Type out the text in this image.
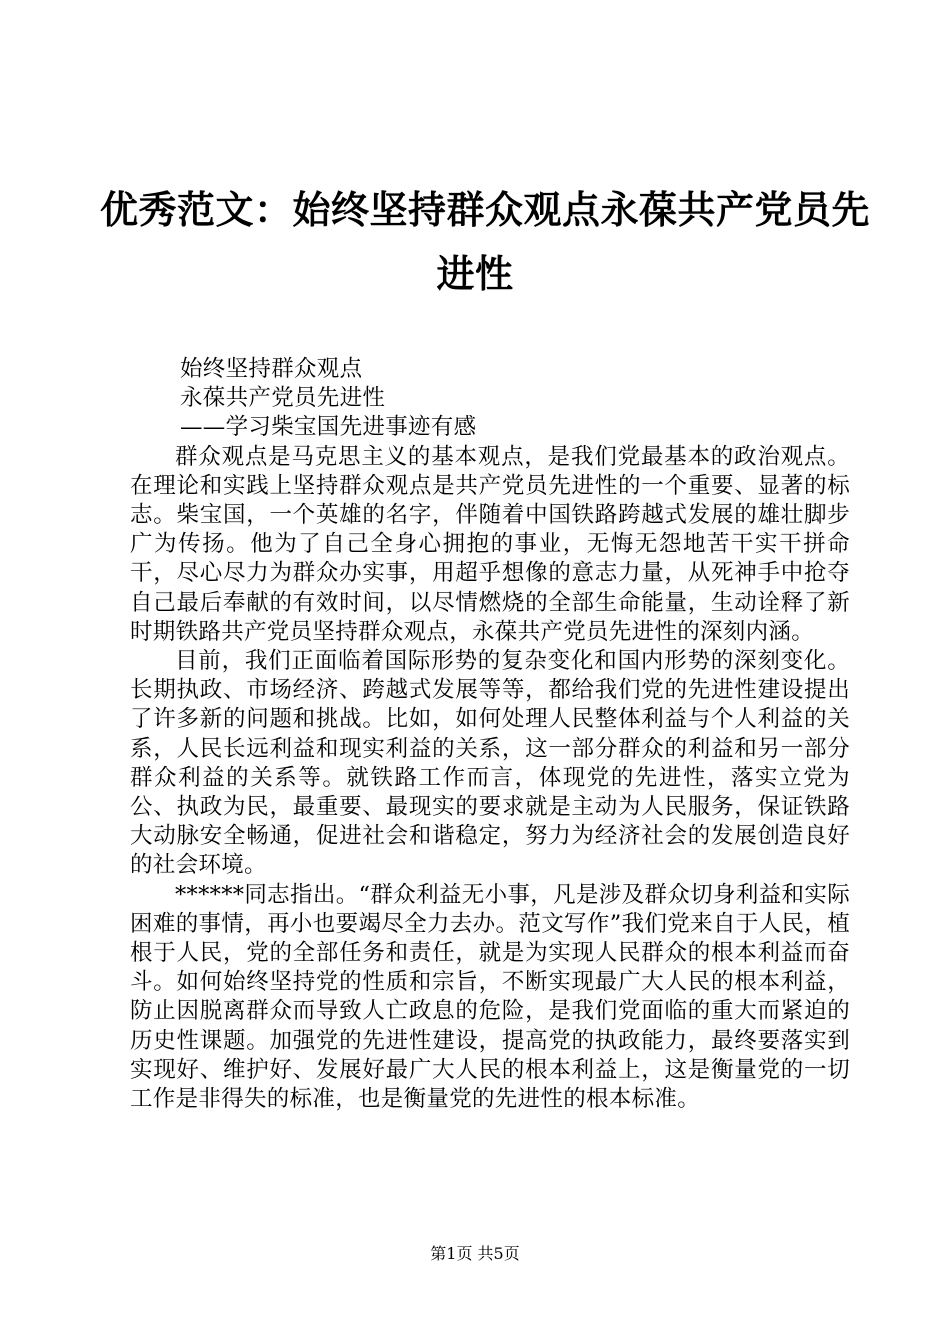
优秀范文：始终坚持群众观点永葆共产党员先
进性
始终坚持群众观点
永葆共产党员先进性
——学习柴宝国先进事迹有感

群众观点是马克思主义的基本观点，是我们党最基本的政治观点。在理论和实践上坚持群众观点是共产党员先进性的一个重要、显著的标志。柴宝国，一个英雄的名字，伴随着中国铁路跨越式发展的雄壮脚步广为传扬。他为了自己全身心拥抱的事业，无悔无怨地苦干实干拼命干，尽心尽力为群众办实事，用超乎想像的意志力量，从死神手中抢夺自己最后奉献的有效时间，以尽情燃烧的全部生命能量，生动诠释了新时期铁路共产党员坚持群众观点，永葆共产党员先进性的深刻内涵。

目前，我们正面临着国际形势的复杂变化和国内形势的深刻变化。长期执政、市场经济、跨越式发展等等，都给我们党的先进性建设提出了许多新的问题和挑战。比如，如何处理人民整体利益与个人利益的关系，人民长远利益和现实利益的关系，这一部分群众的利益和另一部分群众利益的关系等。就铁路工作而言，体现党的先进性，落实立党为公、执政为民，最重要、最现实的要求就是主动为人民服务，保证铁路大动脉安全畅通，促进社会和谐稳定，努力为经济社会的发展创造良好的社会环境。

******同志指出。“群众利益无小事，凡是涉及群众切身利益和实际困难的事情，再小也要竭尽全力去办。范文写作”我们党来自于人民，植根于人民，党的全部任务和责任，就是为实现人民群众的根本利益而奋斗。如何始终坚持党的性质和宗旨，不断实现最广大人民的根本利益，防止因脱离群众而导致人亡政息的危险，是我们党面临的重大而紧迫的历史性课题。加强党的先进性建设，提高党的执政能力，最终要落实到实现好、维护好、发展好最广大人民的根本利益上，这是衡量党的一切工作是非得失的标准，也是衡量党的先进性的根本标准。

第1页 共5页
